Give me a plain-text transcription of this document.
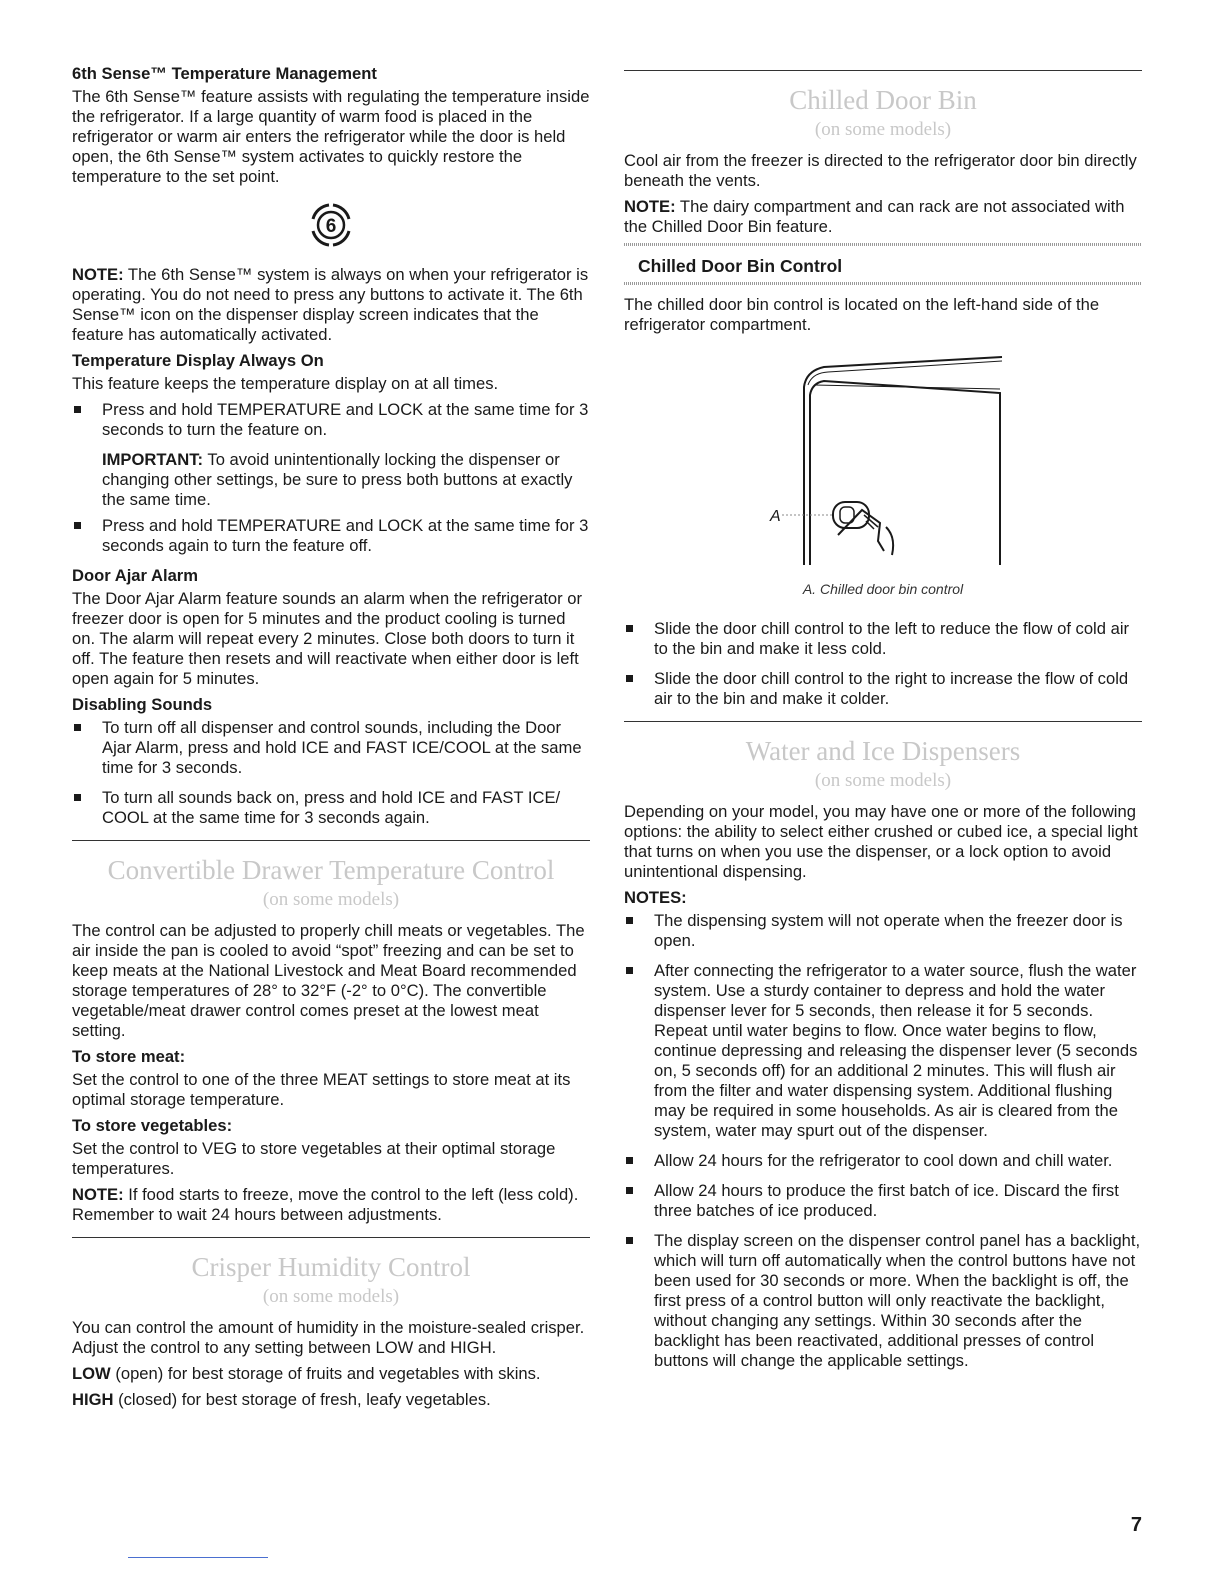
6th Sense™ Temperature Management

The 6th Sense™ feature assists with regulating the temperature inside the refrigerator. If a large quantity of warm food is placed in the refrigerator or warm air enters the refrigerator while the door is held open, the 6th Sense™ system activates to quickly restore the temperature to the set point.

6

NOTE: The 6th Sense™ system is always on when your refrigerator is operating. You do not need to press any buttons to activate it. The 6th Sense™ icon on the dispenser display screen indicates that the feature has automatically activated.

Temperature Display Always On

This feature keeps the temperature display on at all times.

Press and hold TEMPERATURE and LOCK at the same time for 3 seconds to turn the feature on.

IMPORTANT: To avoid unintentionally locking the dispenser or changing other settings, be sure to press both buttons at exactly the same time.

Press and hold TEMPERATURE and LOCK at the same time for 3 seconds again to turn the feature off.
Door Ajar Alarm

The Door Ajar Alarm feature sounds an alarm when the refrigerator or freezer door is open for 5 minutes and the product cooling is turned on. The alarm will repeat every 2 minutes. Close both doors to turn it off. The feature then resets and will reactivate when either door is left open again for 5 minutes.

Disabling Sounds
To turn off all dispenser and control sounds, including the Door Ajar Alarm, press and hold ICE and FAST ICE/COOL at the same time for 3 seconds.
To turn all sounds back on, press and hold ICE and FAST ICE/ COOL at the same time for 3 seconds again.
Convertible Drawer Temperature Control
(on some models)

The control can be adjusted to properly chill meats or vegetables. The air inside the pan is cooled to avoid “spot” freezing and can be set to keep meats at the National Livestock and Meat Board recommended storage temperatures of 28° to 32°F (-2° to 0°C). The convertible vegetable/meat drawer control comes preset at the lowest meat setting.

To store meat:

Set the control to one of the three MEAT settings to store meat at its optimal storage temperature.

To store vegetables:

Set the control to VEG to store vegetables at their optimal storage temperatures.

NOTE: If food starts to freeze, move the control to the left (less cold). Remember to wait 24 hours between adjustments.

Crisper Humidity Control
(on some models)

You can control the amount of humidity in the moisture-sealed crisper. Adjust the control to any setting between LOW and HIGH.

LOW (open) for best storage of fruits and vegetables with skins.

HIGH (closed) for best storage of fresh, leafy vegetables.

Chilled Door Bin
(on some models)

Cool air from the freezer is directed to the refrigerator door bin directly beneath the vents.

NOTE: The dairy compartment and can rack are not associated with the Chilled Door Bin feature.

Chilled Door Bin Control

The chilled door bin control is located on the left-hand side of the refrigerator compartment.

A
A. Chilled door bin control
Slide the door chill control to the left to reduce the flow of cold air to the bin and make it less cold.
Slide the door chill control to the right to increase the flow of cold air to the bin and make it colder.
Water and Ice Dispensers
(on some models)

Depending on your model, you may have one or more of the following options: the ability to select either crushed or cubed ice, a special light that turns on when you use the dispenser, or a lock option to avoid unintentional dispensing.

NOTES:
The dispensing system will not operate when the freezer door is open.
After connecting the refrigerator to a water source, flush the water system. Use a sturdy container to depress and hold the water dispenser lever for 5 seconds, then release it for 5 seconds. Repeat until water begins to flow. Once water begins to flow, continue depressing and releasing the dispenser lever (5 seconds on, 5 seconds off) for an additional 2 minutes. This will flush air from the filter and water dispensing system. Additional flushing may be required in some households. As air is cleared from the system, water may spurt out of the dispenser.
Allow 24 hours for the refrigerator to cool down and chill water.
Allow 24 hours to produce the first batch of ice. Discard the first three batches of ice produced.
The display screen on the dispenser control panel has a backlight, which will turn off automatically when the control buttons have not been used for 30 seconds or more. When the backlight is off, the first press of a control button will only reactivate the backlight, without changing any settings. Within 30 seconds after the backlight has been reactivated, additional presses of control buttons will change the applicable settings.
7
